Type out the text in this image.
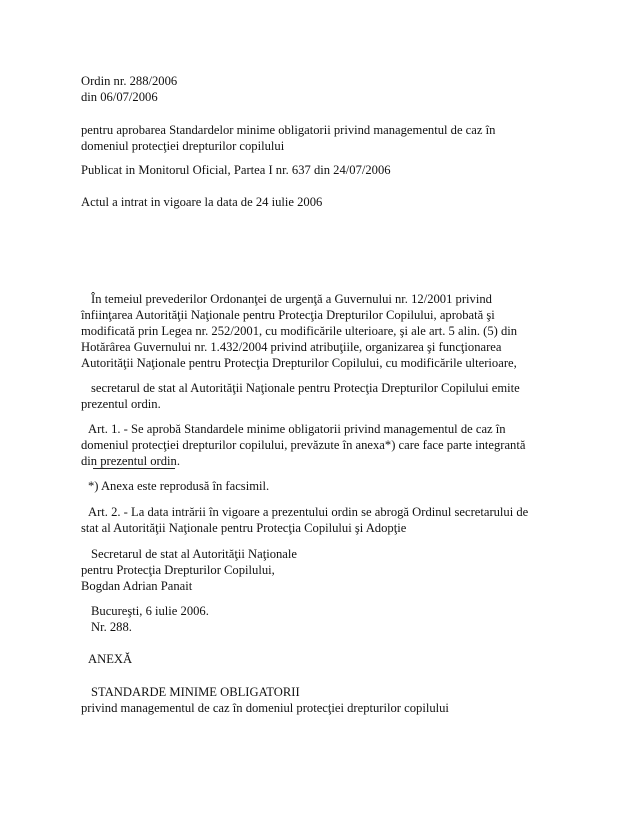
Ordin nr. 288/2006
din 06/07/2006
pentru aprobarea Standardelor minime obligatorii privind managementul de caz în
domeniul protecţiei drepturilor copilului
Publicat in Monitorul Oficial, Partea I nr. 637 din 24/07/2006
Actul a intrat in vigoare la data de 24 iulie 2006
În temeiul prevederilor Ordonanţei de urgenţă a Guvernului nr. 12/2001 privind
înfiinţarea Autorităţii Naţionale pentru Protecţia Drepturilor Copilului, aprobată şi
modificată prin Legea nr. 252/2001, cu modificările ulterioare, şi ale art. 5 alin. (5) din
Hotărârea Guvernului nr. 1.432/2004 privind atribuţiile, organizarea şi funcţionarea
Autorităţii Naţionale pentru Protecţia Drepturilor Copilului, cu modificările ulterioare,
secretarul de stat al Autorităţii Naţionale pentru Protecţia Drepturilor Copilului emite
prezentul ordin.
Art. 1. - Se aprobă Standardele minime obligatorii privind managementul de caz în
domeniul protecţiei drepturilor copilului, prevăzute în anexa*) care face parte integrantă
din prezentul ordin.
*) Anexa este reprodusă în facsimil.
Art. 2. - La data intrării în vigoare a prezentului ordin se abrogă Ordinul secretarului de
stat al Autorităţii Naţionale pentru Protecţia Copilului şi Adopţie
Secretarul de stat al Autorităţii Naţionale
pentru Protecţia Drepturilor Copilului,
Bogdan Adrian Panait
Bucureşti, 6 iulie 2006.
Nr. 288.
ANEXĂ
STANDARDE MINIME OBLIGATORII
privind managementul de caz în domeniul protecţiei drepturilor copilului
